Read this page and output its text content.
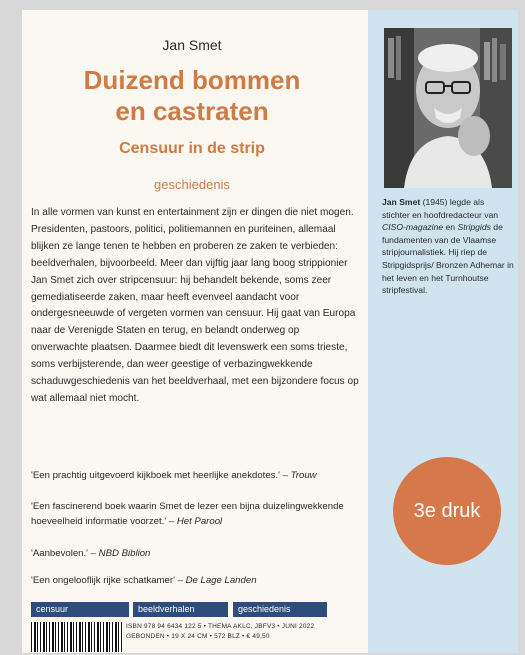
Jan Smet
Duizend bommen
en castraten
Censuur in de strip
geschiedenis

In alle vormen van kunst en entertainment zijn er dingen die niet mogen. Presidenten, pastoors, politici, politiemannen en puriteinen, allemaal blijken ze lange tenen te hebben en proberen ze zaken te verbieden: beeldverhalen, bijvoorbeeld. Meer dan vijftig jaar lang boog strippionier Jan Smet zich over stripcensuur: hij behandelt bekende, soms zeer gemediatiseerde zaken, maar heeft evenveel aandacht voor ondergesneeuwde of vergeten vormen van censuur. Hij gaat van Europa naar de Verenigde Staten en terug, en belandt onderweg op onverwachte plaatsen. Daarmee biedt dit levenswerk een soms trieste, soms verbijsterende, dan weer geestige of verbazingwekkende schaduwgeschiedenis van het beeldverhaal, met een bijzondere focus op wat allemaal niet mocht.

'Een prachtig uitgevoerd kijkboek met heerlijke anekdotes.' – Trouw

'Een fascinerend boek waarin Smet de lezer een bijna duizelingwekkende hoeveelheid informatie voorzet.' – Het Parool

'Aanbevolen.' – NBD Biblion

'Een ongelooflijk rijke schatkamer' – De Lage Landen

censuur	beeldverhalen	geschiedenis
ISBN 978 94 6434 122 5 • THEMA AKLC, JBFV3 • JUNI 2022
GEBONDEN • 19 X 24 CM • 572 BLZ • € 49,50

Jan Smet (1945) legde als stichter en hoofdredacteur van CISO-magazine en Stripgids de fundamenten van de Vlaamse stripjournalistiek. Hij riep de Stripgidsprijs/ Bronzen Adhemar in het leven en het Turnhoutse stripfestival.

3e druk
